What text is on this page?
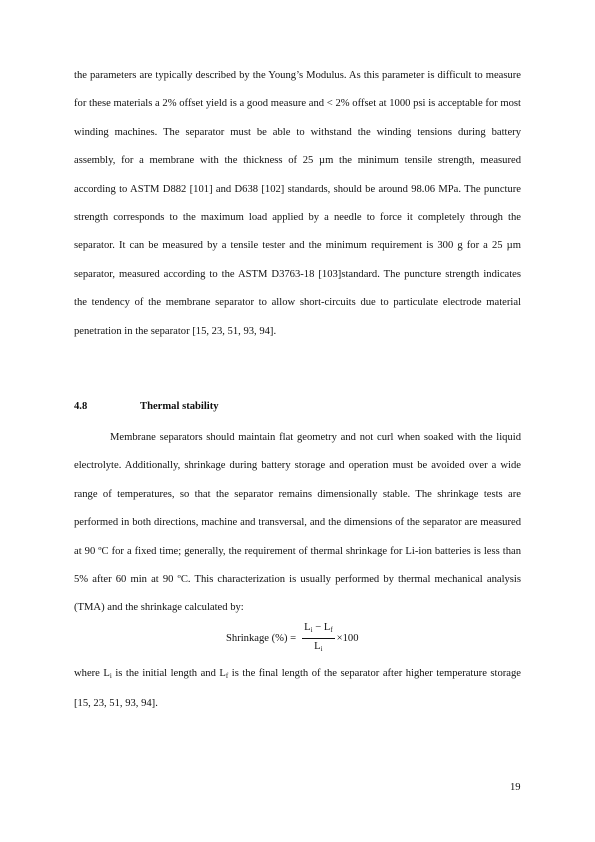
the parameters are typically described by the Young’s Modulus. As this parameter is difficult to measure for these materials a 2% offset yield is a good measure and < 2% offset at 1000 psi is acceptable for most winding machines. The separator must be able to withstand the winding tensions during battery assembly, for a membrane with the thickness of 25 µm the minimum tensile strength, measured according to ASTM D882 [101] and D638 [102] standards, should be around 98.06 MPa. The puncture strength corresponds to the maximum load applied by a needle to force it completely through the separator. It can be measured by a tensile tester and the minimum requirement is 300 g for a 25 µm separator, measured according to the ASTM D3763-18 [103]standard. The puncture strength indicates the tendency of the membrane separator to allow short-circuits due to particulate electrode material penetration in the separator [15, 23, 51, 93, 94].

4.8	Thermal stability

Membrane separators should maintain flat geometry and not curl when soaked with the liquid electrolyte. Additionally, shrinkage during battery storage and operation must be avoided over a wide range of temperatures, so that the separator remains dimensionally stable. The shrinkage tests are performed in both directions, machine and transversal, and the dimensions of the separator are measured at 90 ºC for a fixed time; generally, the requirement of thermal shrinkage for Li-ion batteries is less than 5% after 60 min at 90 ºC. This characterization is usually performed by thermal mechanical analysis (TMA) and the shrinkage calculated by:

Shrinkage (%) = $\frac{L_i - L_f}{L_i} \times 100$

where $L_i$ is the initial length and $L_f$ is the final length of the separator after higher temperature storage [15, 23, 51, 93, 94].

19
